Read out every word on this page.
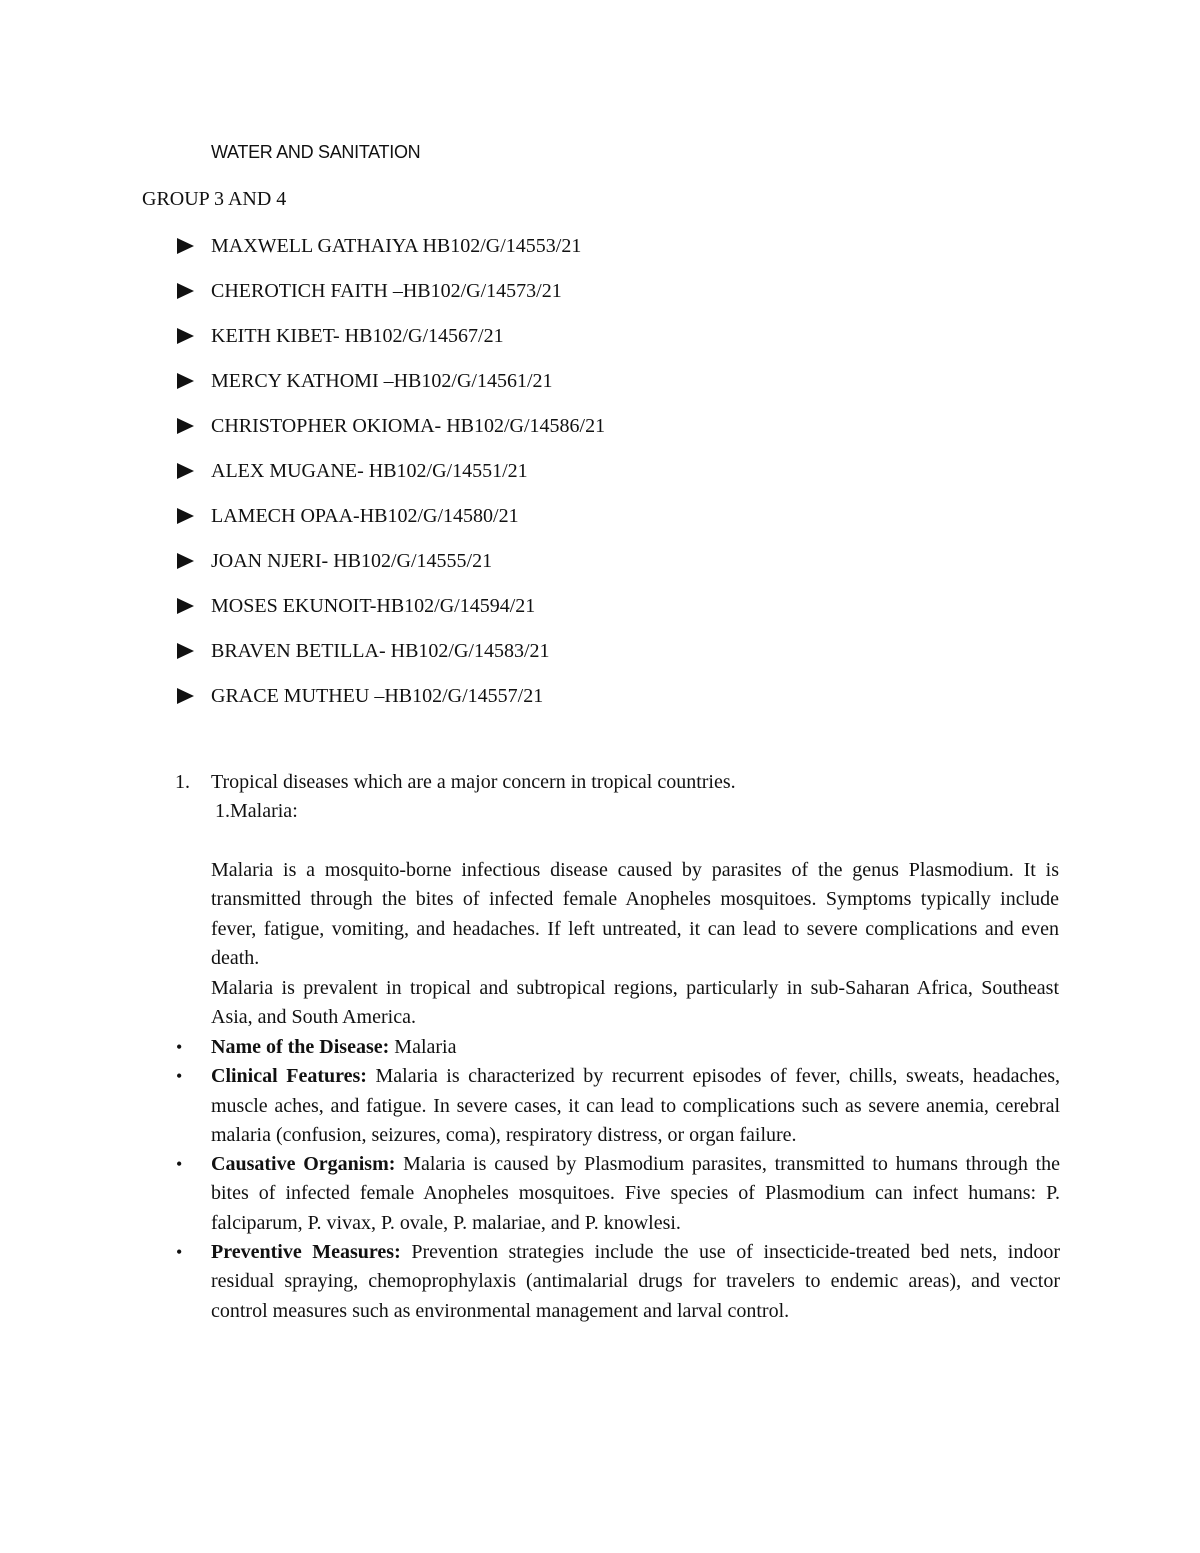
WATER AND SANITATION
GROUP 3 AND 4
MAXWELL GATHAIYA HB102/G/14553/21
CHEROTICH FAITH –HB102/G/14573/21
KEITH KIBET- HB102/G/14567/21
MERCY KATHOMI –HB102/G/14561/21
CHRISTOPHER OKIOMA- HB102/G/14586/21
ALEX MUGANE- HB102/G/14551/21
LAMECH OPAA-HB102/G/14580/21
JOAN NJERI- HB102/G/14555/21
MOSES EKUNOIT-HB102/G/14594/21
BRAVEN BETILLA- HB102/G/14583/21
GRACE MUTHEU –HB102/G/14557/21
1. Tropical diseases which are a major concern in tropical countries.
1.Malaria:

Malaria is a mosquito-borne infectious disease caused by parasites of the genus Plasmodium. It is transmitted through the bites of infected female Anopheles mosquitoes. Symptoms typically include fever, fatigue, vomiting, and headaches. If left untreated, it can lead to severe complications and even death.

Malaria is prevalent in tropical and subtropical regions, particularly in sub-Saharan Africa, Southeast Asia, and South America.

• Name of the Disease: Malaria
• Clinical Features: Malaria is characterized by recurrent episodes of fever, chills, sweats, headaches, muscle aches, and fatigue. In severe cases, it can lead to complications such as severe anemia, cerebral malaria (confusion, seizures, coma), respiratory distress, or organ failure.
• Causative Organism: Malaria is caused by Plasmodium parasites, transmitted to humans through the bites of infected female Anopheles mosquitoes. Five species of Plasmodium can infect humans: P. falciparum, P. vivax, P. ovale, P. malariae, and P. knowlesi.
• Preventive Measures: Prevention strategies include the use of insecticide-treated bed nets, indoor residual spraying, chemoprophylaxis (antimalarial drugs for travelers to endemic areas), and vector control measures such as environmental management and larval control.
